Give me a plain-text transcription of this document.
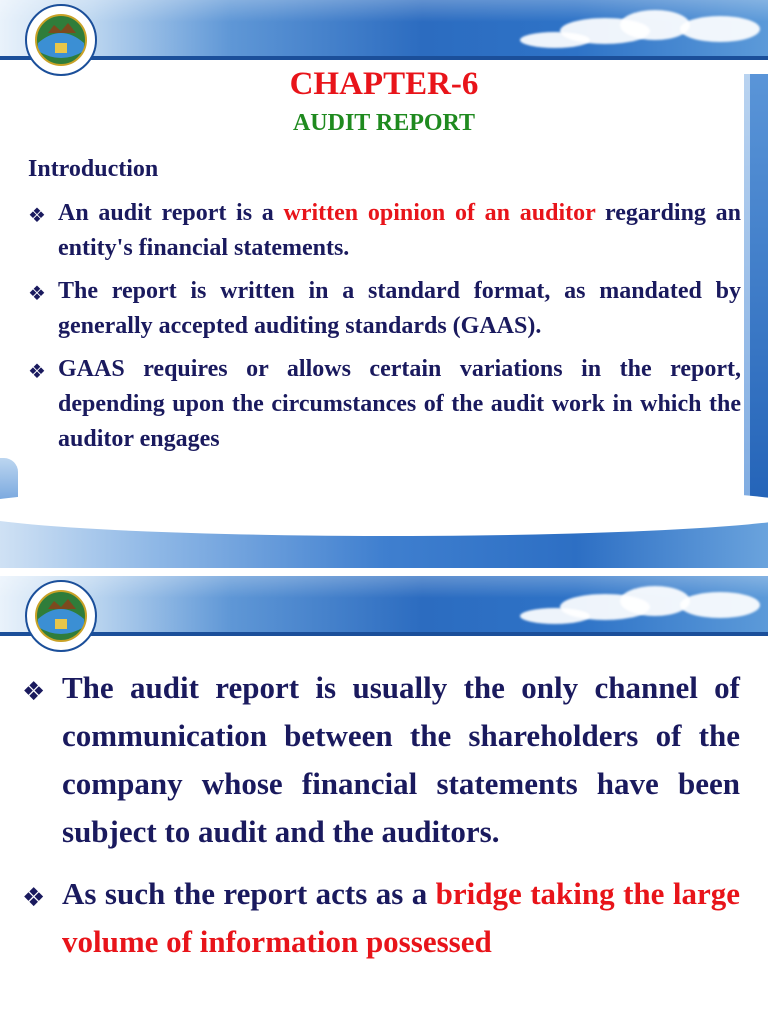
CHAPTER-6
AUDIT REPORT
Introduction
❖ An audit report is a written opinion of an auditor regarding an entity's financial statements.
❖ The report is written in a standard format, as mandated by generally accepted auditing standards (GAAS).
❖ GAAS requires or allows certain variations in the report, depending upon the circumstances of the audit work in which the auditor engages
❖ The audit report is usually the only channel of communication between the shareholders of the company whose financial statements have been subject to audit and the auditors.
❖ As such the report acts as a bridge taking the large volume of information possessed
